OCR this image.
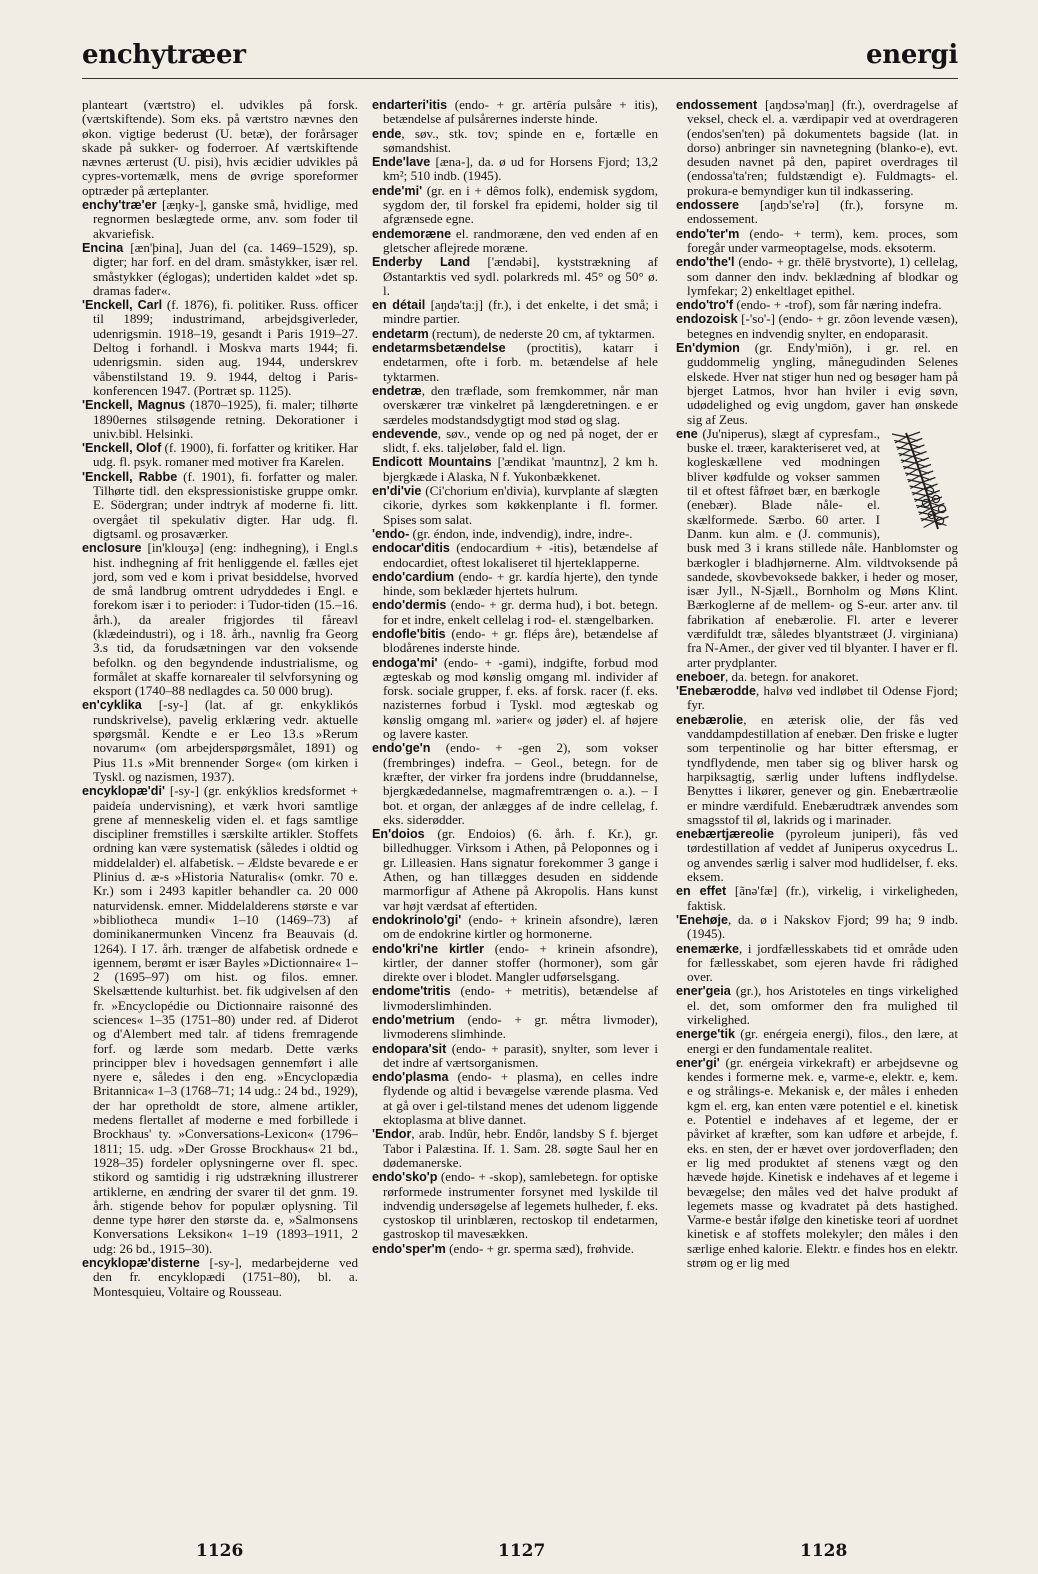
enchytræer	energi

planteart (værtstro) el. udvikles på forsk. (værtskiftende). Som eks. på værtstro nævnes den økon. vigtige bederust (U. betæ), der forårsager skade på sukker- og foderroer. Af værtskiftende nævnes ærterust (U. pisi), hvis æcidier udvikles på cypres-vortemælk, mens de øvrige sporeformer optræder på ærteplanter.

enchy'træ'er [æŋky-], ganske små, hvidlige, med regnormen beslægtede orme, anv. som foder til akvariefisk.

Encina [æn'þina], Juan del (ca. 1469–1529), sp. digter; har forf. en del dram. småstykker, især rel. småstykker (églogas); undertiden kaldet »det sp. dramas fader«.

'Enckell, Carl (f. 1876), fi. politiker. Russ. officer til 1899; industrimand, arbejdsgiverleder, udenrigsmin. 1918–19, gesandt i Paris 1919–27. Deltog i forhandl. i Moskva marts 1944; fi. udenrigsmin. siden aug. 1944, underskrev våbenstilstand 19. 9. 1944, deltog i Paris-konferencen 1947. (Portræt sp. 1125).

'Enckell, Magnus (1870–1925), fi. maler; tilhørte 1890ernes stilsøgende retning. Dekorationer i univ.bibl. Helsinki.

'Enckell, Olof (f. 1900), fi. forfatter og kritiker. Har udg. fl. psyk. romaner med motiver fra Karelen.

'Enckell, Rabbe (f. 1901), fi. forfatter og maler. Tilhørte tidl. den ekspressionistiske gruppe omkr. E. Södergran; under indtryk af moderne fi. litt. overgået til spekulativ digter. Har udg. fl. digtsaml. og prosaværker.

enclosure [in'klouʒə] (eng: indhegning), i Engl.s hist. indhegning af frit henliggende el. fælles ejet jord, som ved e kom i privat besiddelse, hvorved de små landbrug omtrent udryddedes i Engl. e forekom især i to perioder: i Tudor-tiden (15.–16. årh.), da arealer frigjordes til fåreavl (klædeindustri), og i 18. årh., navnlig fra Georg 3.s tid, da forudsætningen var den voksende befolkn. og den begyndende industrialisme, og formålet at skaffe kornarealer til selvforsyning og eksport (1740–88 nedlagdes ca. 50 000 brug).

en'cyklika [-sy-] (lat. af gr. enkyklikós rundskrivelse), pavelig erklæring vedr. aktuelle spørgsmål. Kendte e er Leo 13.s »Rerum novarum« (om arbejderspørgsmålet, 1891) og Pius 11.s »Mit brennender Sorge« (om kirken i Tyskl. og nazismen, 1937).

encyklopæ'di' [-sy-] (gr. enkýklios kredsformet + paideía undervisning), et værk hvori samtlige grene af menneskelig viden el. et fags samtlige discipliner fremstilles i særskilte artikler. Stoffets ordning kan være systematisk (således i oldtid og middelalder) el. alfabetisk. – Ældste bevarede e er Plinius d. æ-s »Historia Naturalis« (omkr. 70 e. Kr.) som i 2493 kapitler behandler ca. 20 000 naturvidensk. emner. Middelalderens største e var »bibliotheca mundi« 1–10 (1469–73) af dominikanermunken Vincenz fra Beauvais (d. 1264). I 17. årh. trænger de alfabetisk ordnede e igennem, berømt er især Bayles »Dictionnaire« 1–2 (1695–97) om hist. og filos. emner. Skelsættende kulturhist. bet. fik udgivelsen af den fr. »Encyclopédie ou Dictionnaire raisonné des sciences« 1–35 (1751–80) under red. af Diderot og d'Alembert med talr. af tidens fremragende forf. og lærde som medarb. Dette værks principper blev i hovedsagen gennemført i alle nyere e, således i den eng. »Encyclopædia Britannica« 1–3 (1768–71; 14 udg.: 24 bd., 1929), der har opretholdt de store, almene artikler, medens flertallet af moderne e med forbillede i Brockhaus' ty. »Conversations-Lexicon« (1796–1811; 15. udg. »Der Grosse Brockhaus« 21 bd., 1928–35) fordeler oplysningerne over fl. spec. stikord og samtidig i rig udstrækning illustrerer artiklerne, en ændring der svarer til det gnm. 19. årh. stigende behov for populær oplysning. Til denne type hører den største da. e, »Salmonsens Konversations Leksikon« 1–19 (1893–1911, 2 udg: 26 bd., 1915–30).

encyklopæ'disterne [-sy-], medarbejderne ved den fr. encyklopædi (1751–80), bl. a. Montesquieu, Voltaire og Rousseau.

endarteri'itis (endo- + gr. artēría pulsåre + itis), betændelse af pulsårernes inderste hinde.

ende, søv., stk. tov; spinde en e, fortælle en sømandshist.

Ende'lave [æna-], da. ø ud for Horsens Fjord; 13,2 km²; 510 indb. (1945).

ende'mi' (gr. en i + dêmos folk), endemisk sygdom, sygdom der, til forskel fra epidemi, holder sig til afgrænsede egne.

endemoræne el. randmoræne, den ved enden af en gletscher aflejrede moræne.

Enderby Land ['ændəbi], kyststrækning af Østantarktis ved sydl. polarkreds ml. 45° og 50° ø. l.

en détail [aŋdə'ta:j] (fr.), i det enkelte, i det små; i mindre partier.

endetarm (rectum), de nederste 20 cm, af tyktarmen.

endetarmsbetændelse (proctitis), katarr i endetarmen, ofte i forb. m. betændelse af hele tyktarmen.

endetræ, den træflade, som fremkommer, når man overskærer træ vinkelret på længderetningen. e er særdeles modstandsdygtigt mod stød og slag.

endevende, søv., vende op og ned på noget, der er slidt, f. eks. taljeløber, fald el. lign.

Endicott Mountains ['ændikat 'mauntnz], 2 km h. bjergkæde i Alaska, N f. Yukonbækkenet.

en'di'vie (Ci'chorium en'divia), kurvplante af slægten cikorie, dyrkes som køkkenplante i fl. former. Spises som salat.

'endo- (gr. éndon, inde, indvendig), indre, indre-.

endocar'ditis (endocardium + -itis), betændelse af endocardiet, oftest lokaliseret til hjerteklapperne.

endo'cardium (endo- + gr. kardía hjerte), den tynde hinde, som beklæder hjertets hulrum.

endo'dermis (endo- + gr. derma hud), i bot. betegn. for et indre, enkelt cellelag i rod- el. stængelbarken.

endofle'bitis (endo- + gr. fléps åre), betændelse af blodårenes inderste hinde.

endoga'mi' (endo- + -gami), indgifte, forbud mod ægteskab og mod kønslig omgang ml. individer af forsk. sociale grupper, f. eks. af forsk. racer (f. eks. nazisternes forbud i Tyskl. mod ægteskab og kønslig omgang ml. »arier« og jøder) el. af højere og lavere kaster.

endo'ge'n (endo- + -gen 2), som vokser (frembringes) indefra. – Geol., betegn. for de kræfter, der virker fra jordens indre (bruddannelse, bjergkædedannelse, magmafremtrængen o. a.). – I bot. et organ, der anlægges af de indre cellelag, f. eks. siderødder.

En'doios (gr. Endoios) (6. årh. f. Kr.), gr. billedhugger. Virksom i Athen, på Peloponnes og i gr. Lilleasien. Hans signatur forekommer 3 gange i Athen, og han tillægges desuden en siddende marmorfigur af Athene på Akropolis. Hans kunst var højt værdsat af eftertiden.

endokrinolo'gi' (endo- + krinein afsondre), læren om de endokrine kirtler og hormonerne.

endo'kri'ne kirtler (endo- + krinein afsondre), kirtler, der danner stoffer (hormoner), som går direkte over i blodet. Mangler udførselsgang.

endome'tritis (endo- + metritis), betændelse af livmoderslimhinden.

endo'metrium (endo- + gr. mḗtra livmoder), livmoderens slimhinde.

endopara'sit (endo- + parasit), snylter, som lever i det indre af værtsorganismen.

endo'plasma (endo- + plasma), en celles indre flydende og altid i bevægelse værende plasma. Ved at gå over i gel-tilstand menes det udenom liggende ektoplasma at blive dannet.

'Endor, arab. Indûr, hebr. Endôr, landsby S f. bjerget Tabor i Palæstina. If. 1. Sam. 28. søgte Saul her en dødemanerske.

endo'sko'p (endo- + -skop), samlebetegn. for optiske rørformede instrumenter forsynet med lyskilde til indvendig undersøgelse af legemets hulheder, f. eks. cystoskop til urinblæren, rectoskop til endetarmen, gastroskop til mavesækken.

endo'sper'm (endo- + gr. sperma sæd), frøhvide.

endossement [aŋdɔsə'maŋ] (fr.), overdragelse af veksel, check el. a. værdipapir ved at overdrageren (endos'sen'ten) på dokumentets bagside (lat. in dorso) anbringer sin navnetegning (blanko-e), evt. desuden navnet på den, papiret overdrages til (endossa'ta'ren; fuldstændigt e). Fuldmagts- el. prokura-e bemyndiger kun til indkassering.

endossere [aŋdɔ'se'rə] (fr.), forsyne m. endossement.

endo'ter'm (endo- + term), kem. proces, som foregår under varmeoptagelse, mods. eksoterm.

endo'the'l (endo- + gr. thēlē brystvorte), 1) cellelag, som danner den indv. beklædning af blodkar og lymfekar; 2) enkeltlaget epithel.

endo'tro'f (endo- + -trof), som får næring indefra.

endozoisk [-'so'-] (endo- + gr. zôon levende væsen), betegnes en indvendig snylter, en endoparasit.

En'dymion (gr. Endy'miōn), i gr. rel. en guddommelig yngling, månegudinden Selenes elskede. Hver nat stiger hun ned og besøger ham på bjerget Latmos, hvor han hviler i evig søvn, udødelighed og evig ungdom, gaver han ønskede sig af Zeus.

ene (Ju'niperus), slægt af cypresfam., buske el. træer, karakteriseret ved, at kogleskællene ved modningen bliver kødfulde og vokser sammen til et oftest fåfrøet bær, en bærkogle (enebær). Blade nåle- el. skælformede. Særbo. 60 arter. I Danm. kun alm. e (J. communis), busk med 3 i krans stillede nåle. Hanblomster og bærkogler i bladhjørnerne. Alm. vildtvoksende på sandede, skovbevoksede bakker, i heder og moser, især Jyll., N-Sjæll., Bornholm og Møns Klint. Bærkoglerne af de mellem- og S-eur. arter anv. til fabrikation af enebærolie. Fl. arter e leverer værdifuldt træ, således blyantstræet (J. virginiana) fra N-Amer., der giver ved til blyanter. I haver er fl. arter prydplanter.

eneboer, da. betegn. for anakoret.

'Enebærodde, halvø ved indløbet til Odense Fjord; fyr.

enebærolie, en æterisk olie, der fås ved vanddampdestillation af enebær. Den friske e lugter som terpentinolie og har bitter eftersmag, er tyndflydende, men taber sig og bliver harsk og harpiksagtig, særlig under luftens indflydelse. Benyttes i likører, genever og gin. Enebærtræolie er mindre værdifuld. Enebærudtræk anvendes som smagsstof til øl, lakrids og i marinader.

enebærtjæreolie (pyroleum juniperi), fås ved tørdestillation af veddet af Juniperus oxycedrus L. og anvendes særlig i salver mod hudlidelser, f. eks. eksem.

en effet [ãnə'fæ] (fr.), virkelig, i virkeligheden, faktisk.

'Enehøje, da. ø i Nakskov Fjord; 99 ha; 9 indb. (1945).

enemærke, i jordfællesskabets tid et område uden for fællesskabet, som ejeren havde fri rådighed over.

ener'geia (gr.), hos Aristoteles en tings virkelighed el. det, som omformer den fra mulighed til virkelighed.

energe'tik (gr. enérgeia energi), filos., den lære, at energi er den fundamentale realitet.

ener'gi' (gr. enérgeia virkekraft) er arbejdsevne og kendes i formerne mek. e, varme-e, elektr. e, kem. e og strålings-e. Mekanisk e, der måles i enheden kgm el. erg, kan enten være potentiel e el. kinetisk e. Potentiel e indehaves af et legeme, der er påvirket af kræfter, som kan udføre et arbejde, f. eks. en sten, der er hævet over jordoverfladen; den er lig med produktet af stenens vægt og den hævede højde. Kinetisk e indehaves af et legeme i bevægelse; den måles ved det halve produkt af legemets masse og kvadratet på dets hastighed. Varme-e består ifølge den kinetiske teori af uordnet kinetisk e af stoffets molekyler; den måles i den særlige enhed kalorie. Elektr. e findes hos en elektr. strøm og er lig med

1126	1127	1128
